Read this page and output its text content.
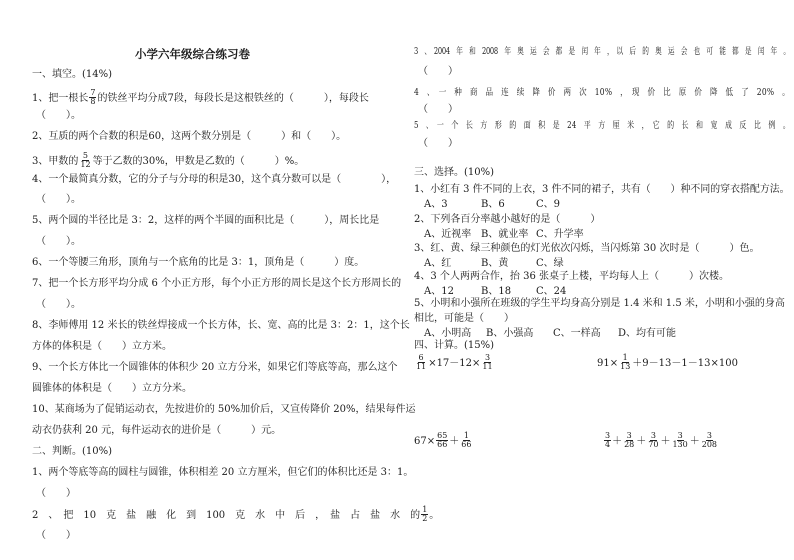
小学六年级综合练习卷
一、填空。(14%)
1、把一根长 $\frac{7}{8}$ 的铁丝平均分成7段，每段长是这根铁丝的（　　　），每段长
（　　）。
2、互质的两个合数的积是60，这两个数分别是（　　　）和（　　）。
3、甲数的 $\frac{5}{12}$ 等于乙数的30%，甲数是乙数的（　　　）%。
4、一个最简真分数，它的分子与分母的积是30，这个真分数可以是（　　　　），
（　　）。
5、两个圆的半径比是 3：2，这样的两个半圆的面积比是（　　　），周长比是
（　　）。
6、一个等腰三角形，顶角与一个底角的比是 3：1，顶角是（　　　）度。
7、把一个长方形平均分成 6 个小正方形，每个小正方形的周长是这个长方形周长的
（　　）。
8、李师傅用 12 米长的铁丝焊接成一个长方体，长、宽、高的比是 3：2：1，这个长
方体的体积是（　　）立方米。
9、一个长方体比一个圆锥体的体积少 20 立方分米，如果它们等底等高，那么这个
圆锥体的体积是（　　）立方分米。
10、某商场为了促销运动衣，先按进价的 50%加价后，又宣传降价 20%，结果每件运
动衣仍获利 20 元，每件运动衣的进价是（　　　）元。
二、判断。(10%)
1、两个等底等高的圆柱与圆锥，体积相差 20 立方厘米，但它们的体积比还是 3：1。
（　　）
2　、　把　10　克　盐　融　化　到　100　克　水　中　后　，　盐　占　盐　水　的 $\frac{1}{2}$ 。
（　　）
3　、　2004　年　和　2008　年　奥　运　会　都　是　闰　年　，　以　后　的　奥　运　会　也　可　能　都　是　闰　年　。
（　　）
4　、　一　种　商　品　连　续　降　价　两　次　10%　，　现　价　比　原　价　降　低　了　20%　。
（　　）
5　、　一　个　长　方　形　的　面　积　是　24　平　方　厘　米　，　它　的　长　和　宽　成　反　比　例　。
（　　）
三、选择。(10%)
1、小红有 3 件不同的上衣，3 件不同的裙子，共有（　　）种不同的穿衣搭配方法。
A、3	B、6	C、9
2、下列各百分率越小越好的是（　　　）
A、近视率 B、就业率 C、升学率
3、红、黄、绿三种颜色的灯光依次闪烁，当闪烁第 30 次时是（　　　）色。
A、红	B、黄	C、绿
4、3 个人两两合作，抬 36 张桌子上楼，平均每人上（　　　）次楼。
A、12	B、18	C、24
5、小明和小强所在班级的学生平均身高分别是 1.4 米和 1.5 米，小明和小强的身高
相比，可能是（　　）
A、小明高	B、小强高	C、一样高	D、均有可能
四、计算。(15%)
$\frac{6}{11} \times 17-12\times \frac{3}{11}$	$91\times \frac{1}{13} +9-13-1-13\times 100$
$67\times \frac{65}{66} + \frac{1}{66}$	$\frac{3}{4} + \frac{3}{28} + \frac{3}{70} + \frac{3}{130} + \frac{3}{208}$
